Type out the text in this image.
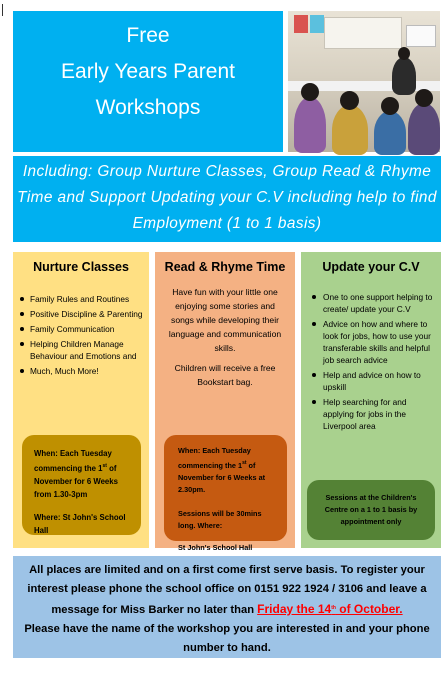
Free
Early Years Parent
Workshops
Including: Group Nurture Classes, Group Read & Rhyme Time and Support Updating your C.V including help to find Employment (1 to 1 basis)
Nurture Classes
Family Rules and Routines
Positive Discipline & Parenting
Family Communication
Helping Children Manage Behaviour and Emotions and
Much, Much More!

When: Each Tuesday commencing the 1st of November for 6 Weeks from 1.30-3pm

Where: St John's School Hall

Read & Rhyme Time

Have fun with your little one enjoying some stories and songs while developing their language and communication skills.

Children will receive a free Bookstart bag.

When: Each Tuesday commencing the 1st of November for 6 Weeks at 2.30pm.

Sessions will be 30mins long. Where:

St John's School Hall

Update your C.V
One to one support helping to create/ update your C.V
Advice on how and where to look for jobs, how to use your transferable skills and helpful job search advice
Help and advice on how to upskill
Help searching for and applying for jobs in the Liverpool area

Sessions at the Children's Centre on a 1 to 1 basis by appointment only

All places are limited and on a first come first serve basis. To register your interest please phone the school office on 0151 922 1924 / 3106 and leave a message for Miss Barker no later than Friday the 14th of October.

Please have the name of the workshop you are interested in and your phone number to hand.
